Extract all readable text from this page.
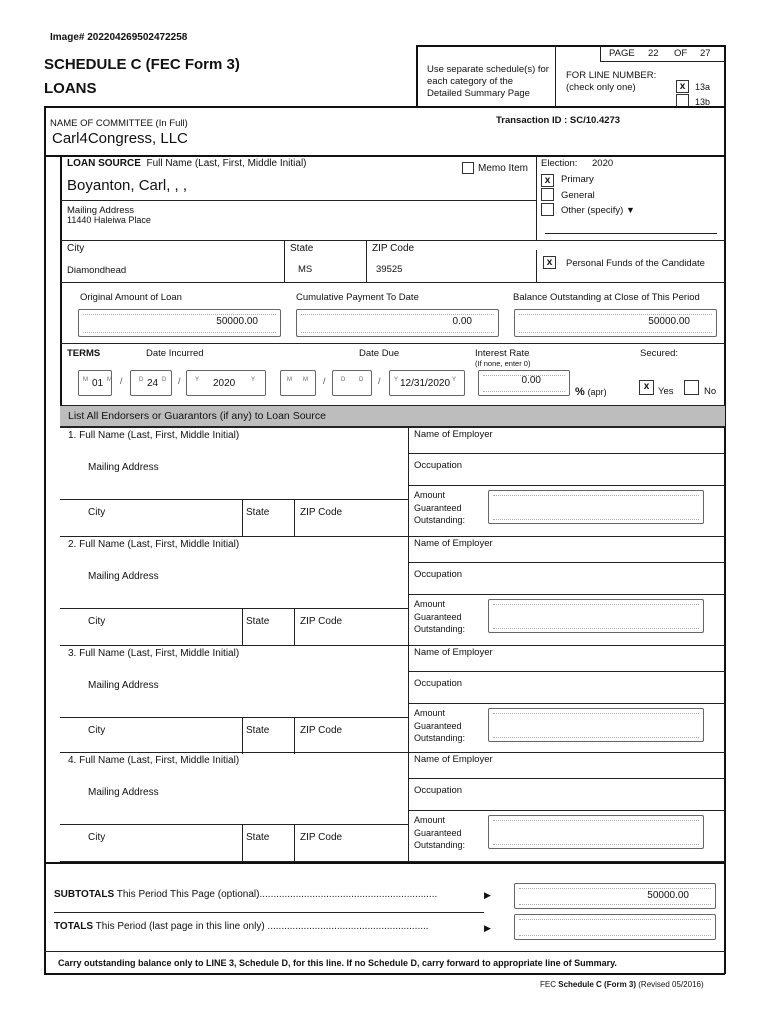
Image# 202204269502472258
SCHEDULE C (FEC Form 3)
LOANS
Use separate schedule(s) for each category of the Detailed Summary Page
PAGE 22 OF 27
FOR LINE NUMBER:
(check only one)	x	13a
13b
NAME OF COMMITTEE (In Full)	Transaction ID : SC/10.4273
Carl4Congress, LLC
LOAN SOURCE Full Name (Last, First, Middle Initial)	Memo Item
Boyanton, Carl, , ,
Mailing Address
11440 Haleiwa Place
City	State	ZIP Code
Diamondhead	MS	39525
Election: 2020
x	Primary
General
Other (specify) ▼
x	Personal Funds of the Candidate
Original Amount of Loan	Cumulative Payment To Date	Balance Outstanding at Close of This Period
50000.00	0.00	50000.00
TERMS	Date Incurred	Date Due	Interest Rate
(If none, enter 0)
Secured:
M 01 M /	D 24 D / Y 2020	Y	M M /	D D / Y 12/31/2020 Y	0.00
% (apr)	x Yes	No
List All Endorsers or Guarantors (if any) to Loan Source
1. Full Name (Last, First, Middle Initial)	Name of Employer
Mailing Address	Occupation
City	State	ZIP Code
Amount
Guaranteed
Outstanding:
2. Full Name (Last, First, Middle Initial)	Name of Employer
Mailing Address	Occupation
City	State	ZIP Code
Amount
Guaranteed
Outstanding:
3. Full Name (Last, First, Middle Initial)	Name of Employer
Mailing Address	Occupation
City	State	ZIP Code
Amount
Guaranteed
Outstanding:
4. Full Name (Last, First, Middle Initial)	Name of Employer
Mailing Address	Occupation
City	State	ZIP Code
Amount
Guaranteed
Outstanding:
SUBTOTALS This Period This Page (optional)................................................................	▶	50000.00
TOTALS This Period (last page in this line only) ..........................................................	▶
Carry outstanding balance only to LINE 3, Schedule D, for this line. If no Schedule D, carry forward to appropriate line of Summary.
FEC Schedule C (Form 3) (Revised 05/2016)
